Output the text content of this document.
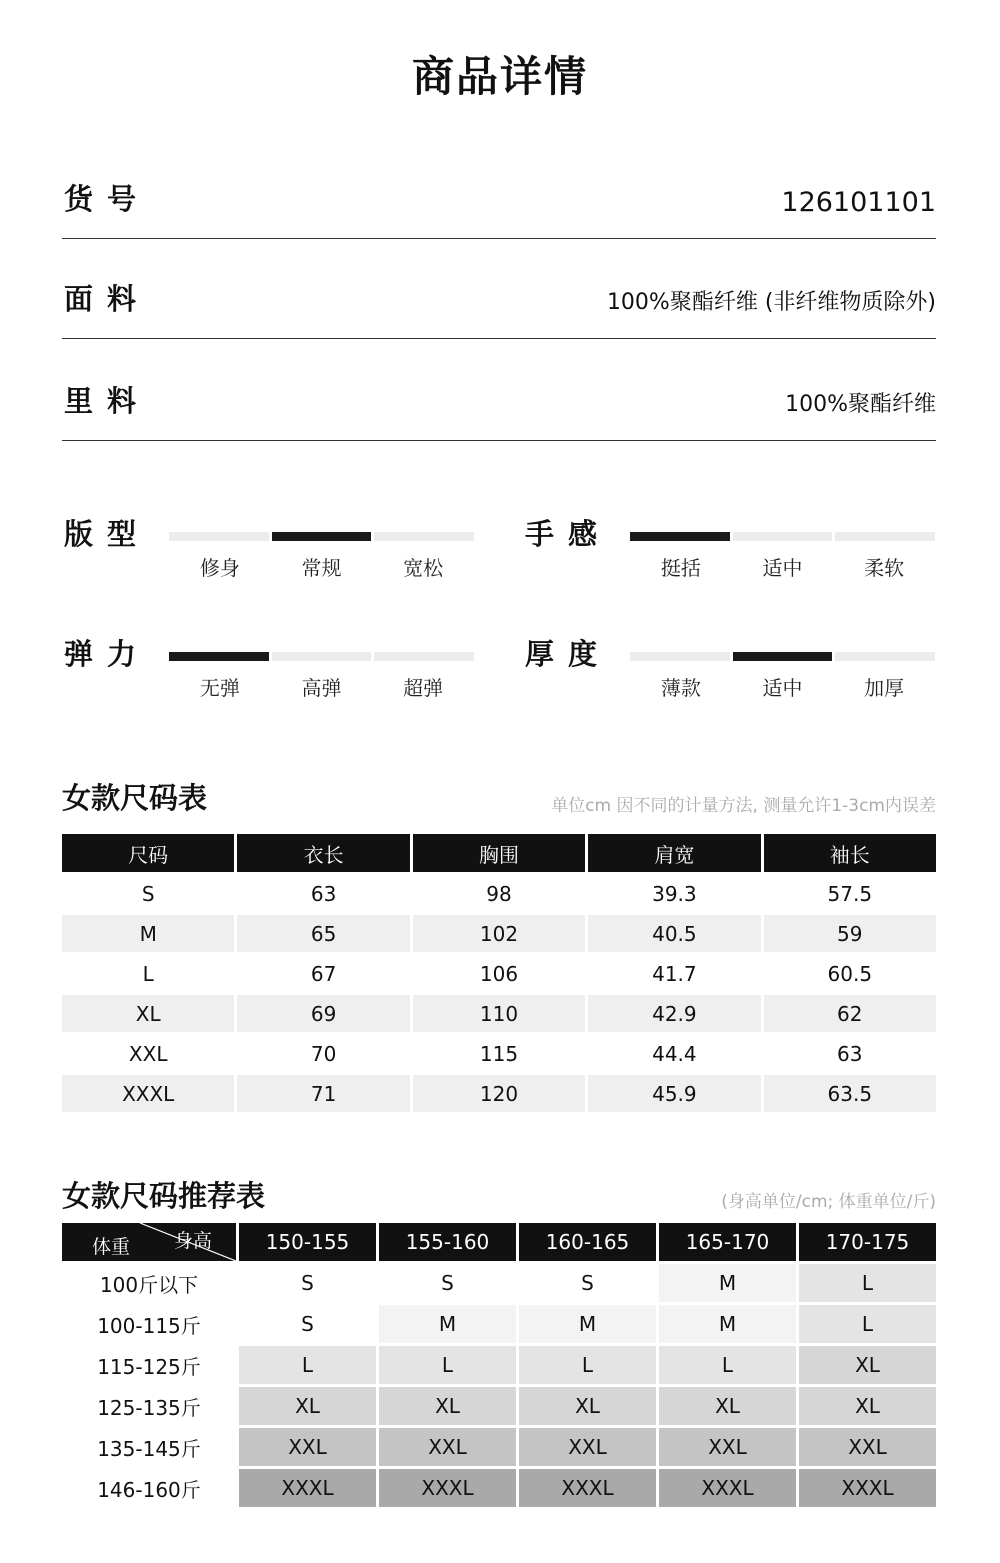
商品详情
货号	126101101
面料	100%聚酯纤维 (非纤维物质除外)
里料	100%聚酯纤维
版型
修身	常规	宽松
手感
挺括	适中	柔软
弹力
无弹	高弹	超弹
厚度
薄款	适中	加厚
女款尺码表	单位cm 因不同的计量方法, 测量允许1-3cm内误差
尺码	衣长	胸围	肩宽	袖长
S	63	98	39.3	57.5
M	65	102	40.5	59
L	67	106	41.7	60.5
XL	69	110	42.9	62
XXL	70	115	44.4	63
XXXL	71	120	45.9	63.5
女款尺码推荐表	(身高单位/cm; 体重单位/斤)
体重 身高	150-155	155-160	160-165	165-170	170-175
100斤以下	S	S	S	M	L
100-115斤	S	M	M	M	L
115-125斤	L	L	L	L	XL
125-135斤	XL	XL	XL	XL	XL
135-145斤	XXL	XXL	XXL	XXL	XXL
146-160斤	XXXL	XXXL	XXXL	XXXL	XXXL
